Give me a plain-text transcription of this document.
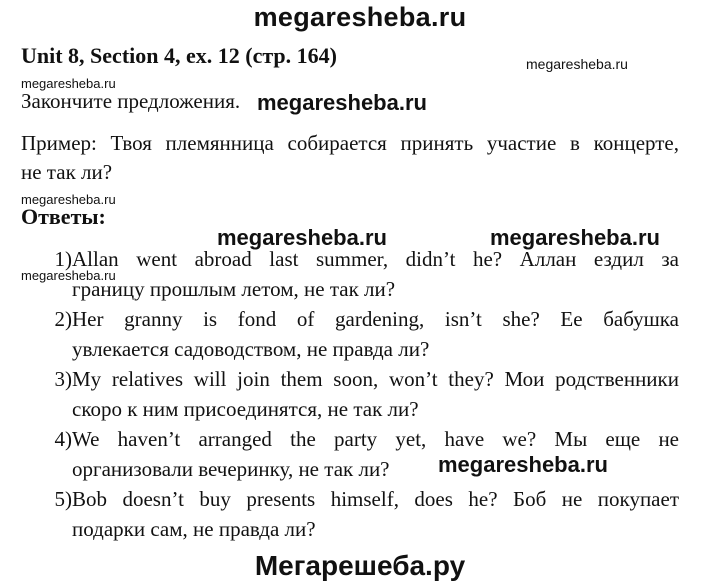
megaresheba.ru
Unit 8, Section 4, ex. 12 (стр. 164)	megaresheba.ru
megaresheba.ru
Закончите предложения. megaresheba.ru
Пример: Твоя племянница собирается принять участие в концерте,
не так ли?
megaresheba.ru
Ответы:
megaresheba.ru	megaresheba.ru
megaresheba.ru
1) Allan went abroad last summer, didn’t he? Аллан ездил за
границу прошлым летом, не так ли?
2) Her granny is fond of gardening, isn’t she? Ее бабушка
увлекается садоводством, не правда ли?
3) My relatives will join them soon, won’t they? Мои родственники
скоро к ним присоединятся, не так ли?
4) We haven’t arranged the party yet, have we? Мы еще не
организовали вечеринку, не так ли?
5) Bob doesn’t buy presents himself, does he? Боб не покупает
подарки сам, не правда ли?
megaresheba.ru
Мегарешеба.ру
